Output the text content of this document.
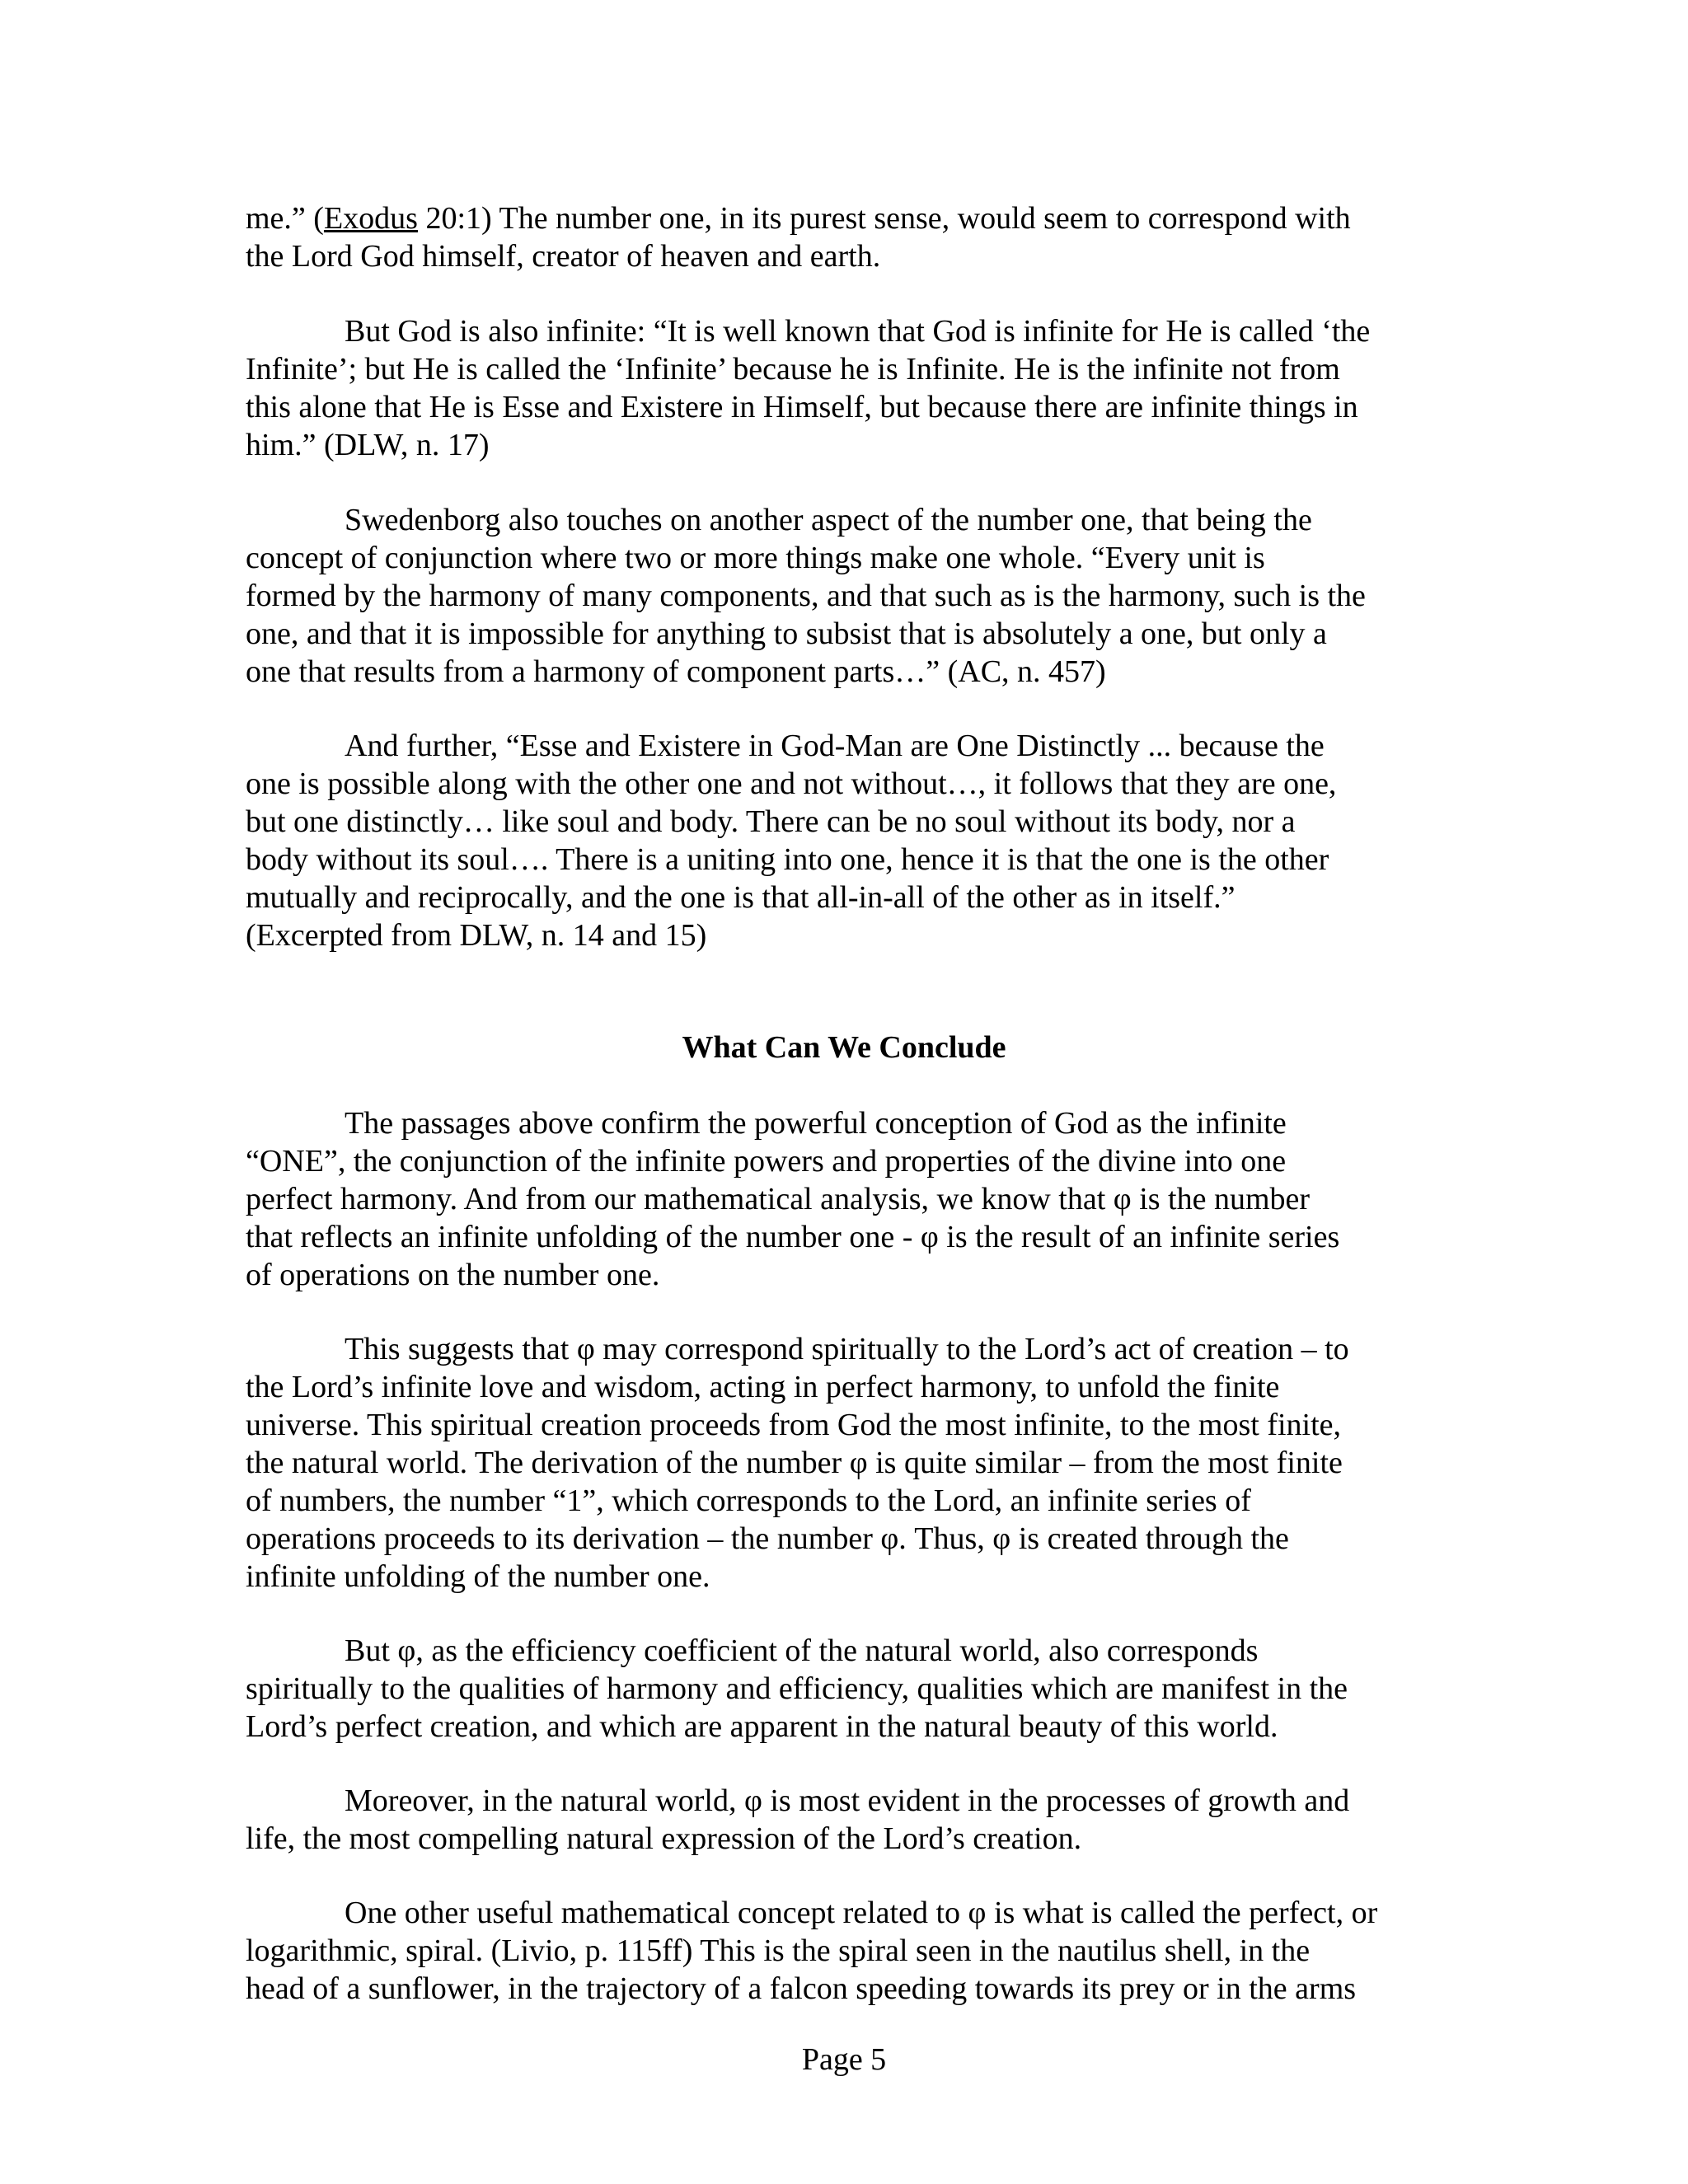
me.” (Exodus 20:1) The number one, in its purest sense, would seem to correspond with
the Lord God himself, creator of heaven and earth.
But God is also infinite: “It is well known that God is infinite for He is called ‘the
Infinite’; but He is called the ‘Infinite’ because he is Infinite. He is the infinite not from
this alone that He is Esse and Existere in Himself, but because there are infinite things in
him.” (DLW, n. 17)
Swedenborg also touches on another aspect of the number one, that being the
concept of conjunction where two or more things make one whole. “Every unit is
formed by the harmony of many components, and that such as is the harmony, such is the
one, and that it is impossible for anything to subsist that is absolutely a one, but only a
one that results from a harmony of component parts…” (AC, n. 457)
And further, “Esse and Existere in God-Man are One Distinctly ... because the
one is possible along with the other one and not without…, it follows that they are one,
but one distinctly… like soul and body. There can be no soul without its body, nor a
body without its soul…. There is a uniting into one, hence it is that the one is the other
mutually and reciprocally, and the one is that all-in-all of the other as in itself.”
(Excerpted from DLW, n. 14 and 15)
What Can We Conclude
The passages above confirm the powerful conception of God as the infinite
“ONE”, the conjunction of the infinite powers and properties of the divine into one
perfect harmony. And from our mathematical analysis, we know that φ is the number
that reflects an infinite unfolding of the number one - φ is the result of an infinite series
of operations on the number one.
This suggests that φ may correspond spiritually to the Lord’s act of creation – to
the Lord’s infinite love and wisdom, acting in perfect harmony, to unfold the finite
universe. This spiritual creation proceeds from God the most infinite, to the most finite,
the natural world. The derivation of the number φ is quite similar – from the most finite
of numbers, the number “1”, which corresponds to the Lord, an infinite series of
operations proceeds to its derivation – the number φ. Thus, φ is created through the
infinite unfolding of the number one.
But φ, as the efficiency coefficient of the natural world, also corresponds
spiritually to the qualities of harmony and efficiency, qualities which are manifest in the
Lord’s perfect creation, and which are apparent in the natural beauty of this world.
Moreover, in the natural world, φ is most evident in the processes of growth and
life, the most compelling natural expression of the Lord’s creation.
One other useful mathematical concept related to φ is what is called the perfect, or
logarithmic, spiral. (Livio, p. 115ff) This is the spiral seen in the nautilus shell, in the
head of a sunflower, in the trajectory of a falcon speeding towards its prey or in the arms
Page 5
